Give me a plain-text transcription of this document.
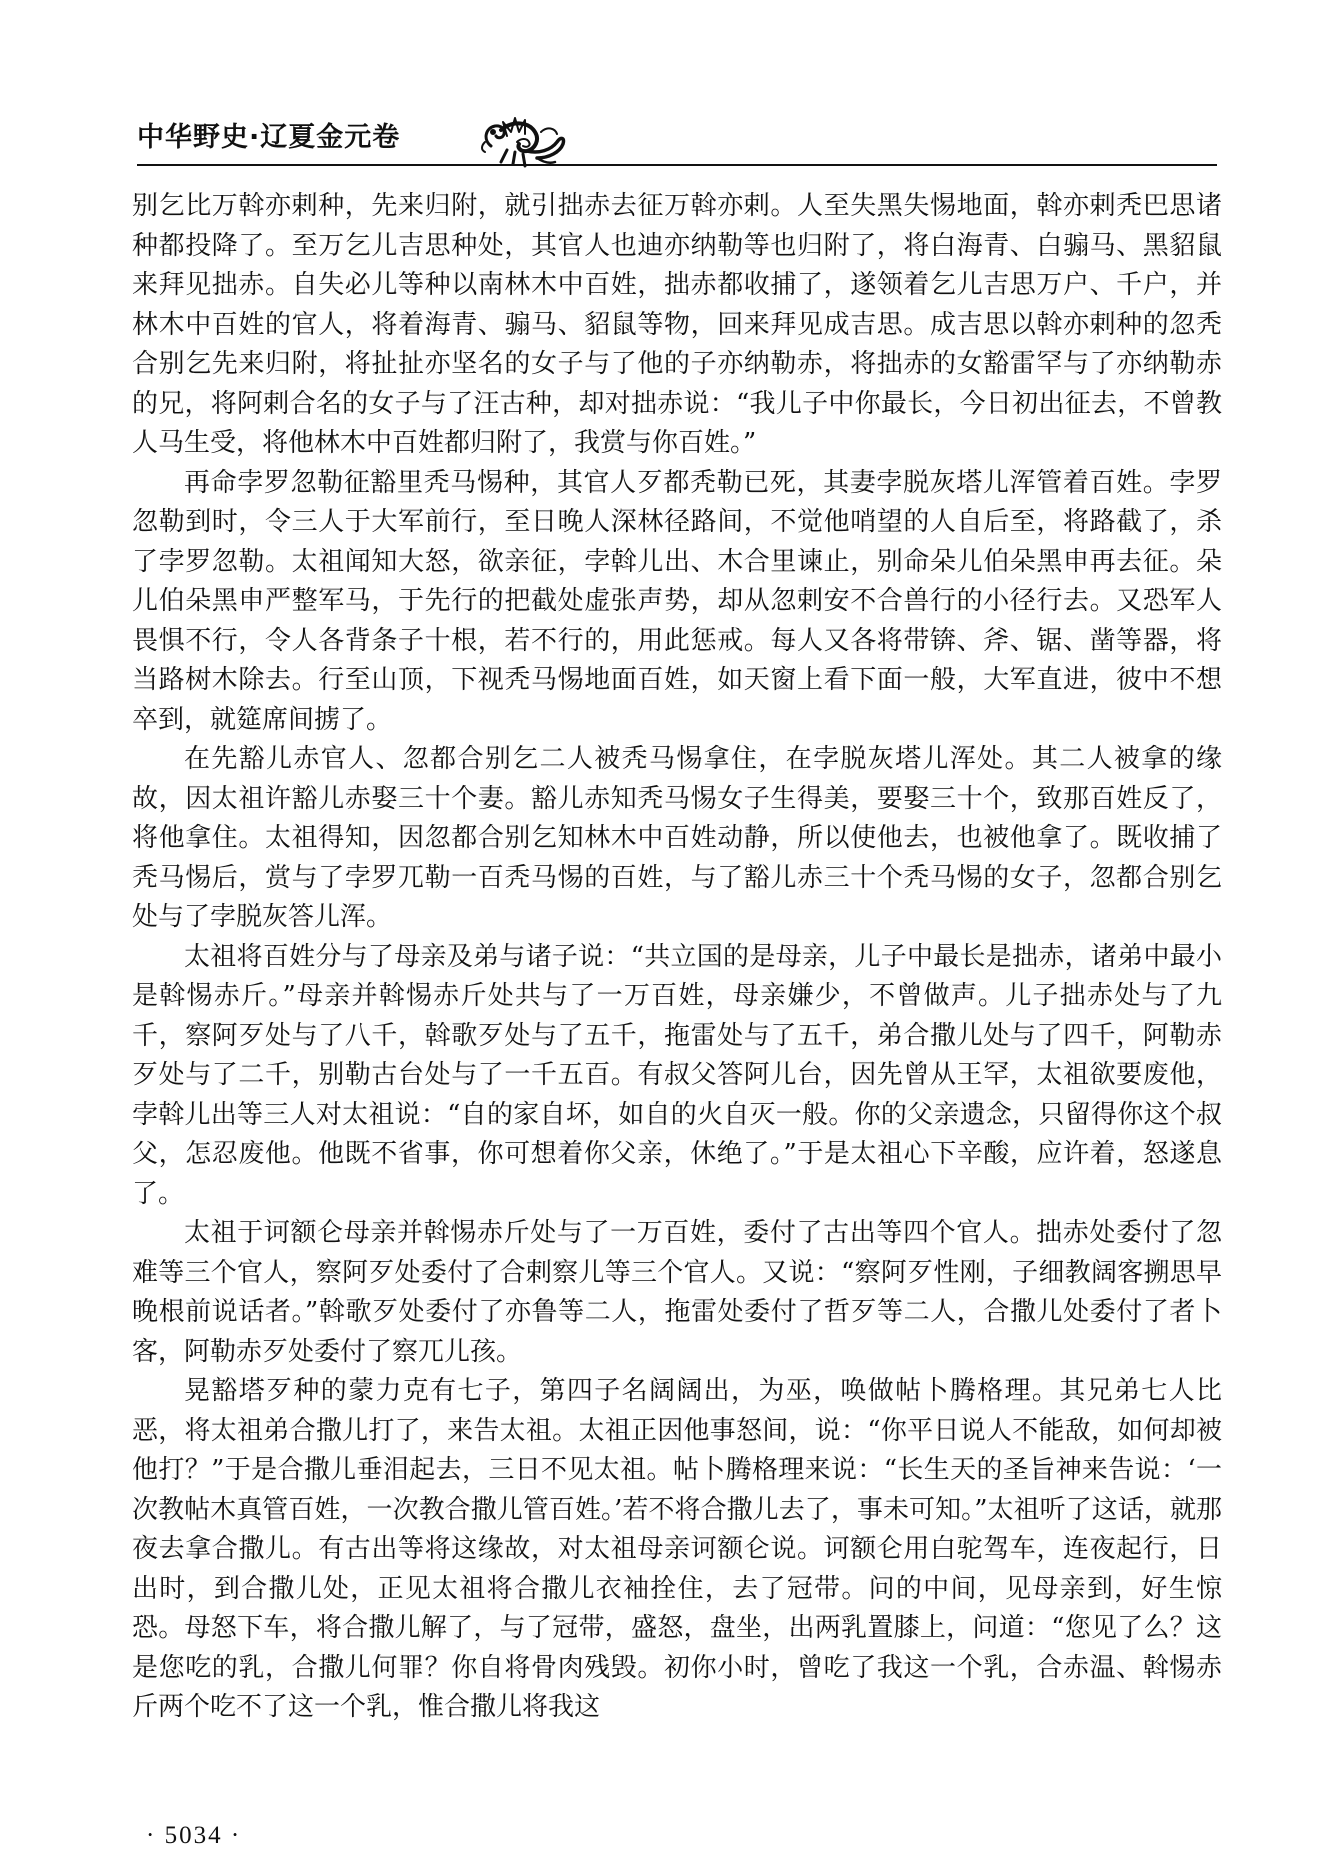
中华野史·辽夏金元卷

别乞比万斡亦剌种，先来归附，就引拙赤去征万斡亦剌。人至失黑失惕地面，斡亦剌秃巴思诸种都投降了。至万乞儿吉思种处，其官人也迪亦纳勒等也归附了，将白海青、白骟马、黑貂鼠来拜见拙赤。自失必儿等种以南林木中百姓，拙赤都收捕了，遂领着乞儿吉思万户、千户，并林木中百姓的官人，将着海青、骟马、貂鼠等物，回来拜见成吉思。成吉思以斡亦剌种的忽秃合别乞先来归附，将扯扯亦坚名的女子与了他的子亦纳勒赤，将拙赤的女豁雷罕与了亦纳勒赤的兄，将阿剌合名的女子与了汪古种，却对拙赤说：“我儿子中你最长，今日初出征去，不曾教人马生受，将他林木中百姓都归附了，我赏与你百姓。”

再命孛罗忽勒征豁里秃马惕种，其官人歹都秃勒已死，其妻孛脱灰塔儿浑管着百姓。孛罗忽勒到时，令三人于大军前行，至日晚人深林径路间，不觉他哨望的人自后至，将路截了，杀了孛罗忽勒。太祖闻知大怒，欲亲征，孛斡儿出、木合里谏止，别命朵儿伯朵黑申再去征。朵儿伯朵黑申严整军马，于先行的把截处虚张声势，却从忽剌安不合兽行的小径行去。又恐军人畏惧不行，令人各背条子十根，若不行的，用此惩戒。每人又各将带锛、斧、锯、凿等器，将当路树木除去。行至山顶，下视秃马惕地面百姓，如天窗上看下面一般，大军直进，彼中不想卒到，就筵席间掳了。

在先豁儿赤官人、忽都合别乞二人被秃马惕拿住，在孛脱灰塔儿浑处。其二人被拿的缘故，因太祖许豁儿赤娶三十个妻。豁儿赤知秃马惕女子生得美，要娶三十个，致那百姓反了，将他拿住。太祖得知，因忽都合别乞知林木中百姓动静，所以使他去，也被他拿了。既收捕了秃马惕后，赏与了孛罗兀勒一百秃马惕的百姓，与了豁儿赤三十个秃马惕的女子，忽都合别乞处与了孛脱灰答儿浑。

太祖将百姓分与了母亲及弟与诸子说：“共立国的是母亲，儿子中最长是拙赤，诸弟中最小是斡惕赤斤。”母亲并斡惕赤斤处共与了一万百姓，母亲嫌少，不曾做声。儿子拙赤处与了九千，察阿歹处与了八千，斡歌歹处与了五千，拖雷处与了五千，弟合撒儿处与了四千，阿勒赤歹处与了二千，别勒古台处与了一千五百。有叔父答阿儿台，因先曾从王罕，太祖欲要废他，孛斡儿出等三人对太祖说：“自的家自坏，如自的火自灭一般。你的父亲遗念，只留得你这个叔父，怎忍废他。他既不省事，你可想着你父亲，休绝了。”于是太祖心下辛酸，应许着，怒遂息了。

太祖于诃额仑母亲并斡惕赤斤处与了一万百姓，委付了古出等四个官人。拙赤处委付了忽难等三个官人，察阿歹处委付了合剌察儿等三个官人。又说：“察阿歹性刚，子细教阔客搠思早晚根前说话者。”斡歌歹处委付了亦鲁等二人，拖雷处委付了哲歹等二人，合撒儿处委付了者卜客，阿勒赤歹处委付了察兀儿孩。

晃豁塔歹种的蒙力克有七子，第四子名阔阔出，为巫，唤做帖卜腾格理。其兄弟七人比恶，将太祖弟合撒儿打了，来告太祖。太祖正因他事怒间，说：“你平日说人不能敌，如何却被他打？”于是合撒儿垂泪起去，三日不见太祖。帖卜腾格理来说：“长生天的圣旨神来告说：‘一次教帖木真管百姓，一次教合撒儿管百姓。’若不将合撒儿去了，事未可知。”太祖听了这话，就那夜去拿合撒儿。有古出等将这缘故，对太祖母亲诃额仑说。诃额仑用白驼驾车，连夜起行，日出时，到合撒儿处，正见太祖将合撒儿衣袖拴住，去了冠带。问的中间，见母亲到，好生惊恐。母怒下车，将合撒儿解了，与了冠带，盛怒，盘坐，出两乳置膝上，问道：“您见了么？这是您吃的乳，合撒儿何罪？你自将骨肉残毁。初你小时，曾吃了我这一个乳，合赤温、斡惕赤斤两个吃不了这一个乳，惟合撒儿将我这

· 5034 ·
